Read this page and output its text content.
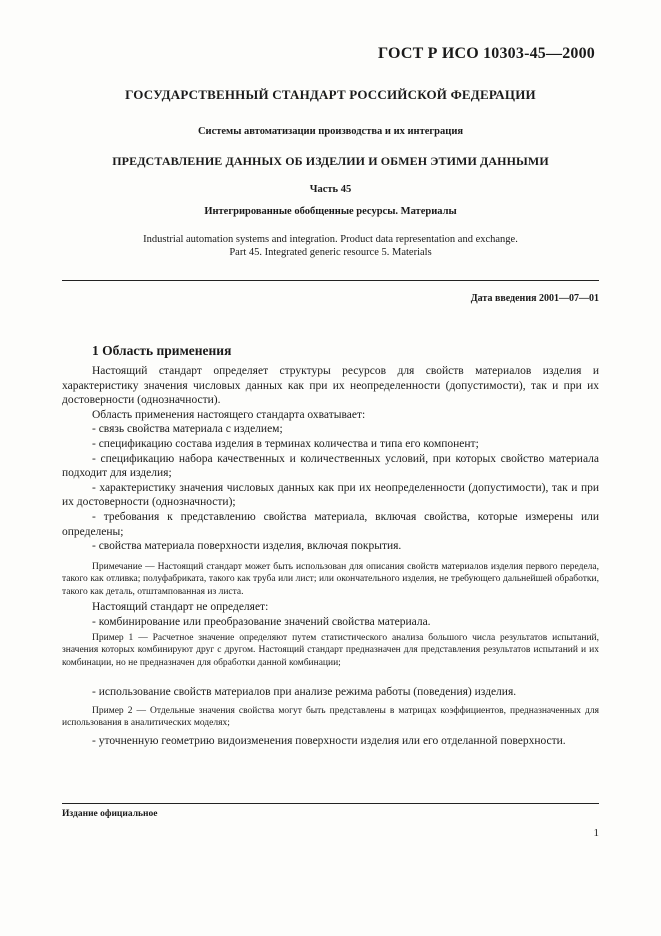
ГОСТ Р ИСО 10303-45—2000
ГОСУДАРСТВЕННЫЙ СТАНДАРТ РОССИЙСКОЙ ФЕДЕРАЦИИ
Системы автоматизации производства и их интеграция
ПРЕДСТАВЛЕНИЕ ДАННЫХ ОБ ИЗДЕЛИИ И ОБМЕН ЭТИМИ ДАННЫМИ
Часть 45
Интегрированные обобщенные ресурсы. Материалы
Industrial automation systems and integration. Product data representation and exchange.
Part 45. Integrated generic resource 5. Materials
Дата введения 2001—07—01
1 Область применения

Настоящий стандарт определяет структуры ресурсов для свойств материалов изделия и характеристику значения числовых данных как при их неопределенности (допустимости), так и при их достоверности (однозначности).

Область применения настоящего стандарта охватывает:

- связь свойства материала с изделием;

- спецификацию состава изделия в терминах количества и типа его компонент;

- спецификацию набора качественных и количественных условий, при которых свойство материала подходит для изделия;

- характеристику значения числовых данных как при их неопределенности (допустимости), так и при их достоверности (однозначности);

- требования к представлению свойства материала, включая свойства, которые измерены или определены;

- свойства материала поверхности изделия, включая покрытия.

Примечание — Настоящий стандарт может быть использован для описания свойств материалов изделия первого передела, такого как отливка; полуфабриката, такого как труба или лист; или окончательного изделия, не требующего дальнейшей обработки, такого как деталь, отштампованная из листа.

Настоящий стандарт не определяет:

- комбинирование или преобразование значений свойства материала.

Пример 1 — Расчетное значение определяют путем статистического анализа большого числа результатов испытаний, значения которых комбинируют друг с другом. Настоящий стандарт предназначен для представления результатов испытаний и их комбинации, но не предназначен для обработки данной комбинации;

- использование свойств материалов при анализе режима работы (поведения) изделия.

Пример 2 — Отдельные значения свойства могут быть представлены в матрицах коэффициентов, предназначенных для использования в аналитических моделях;

- уточненную геометрию видоизменения поверхности изделия или его отделанной поверхности.

Издание официальное
1
